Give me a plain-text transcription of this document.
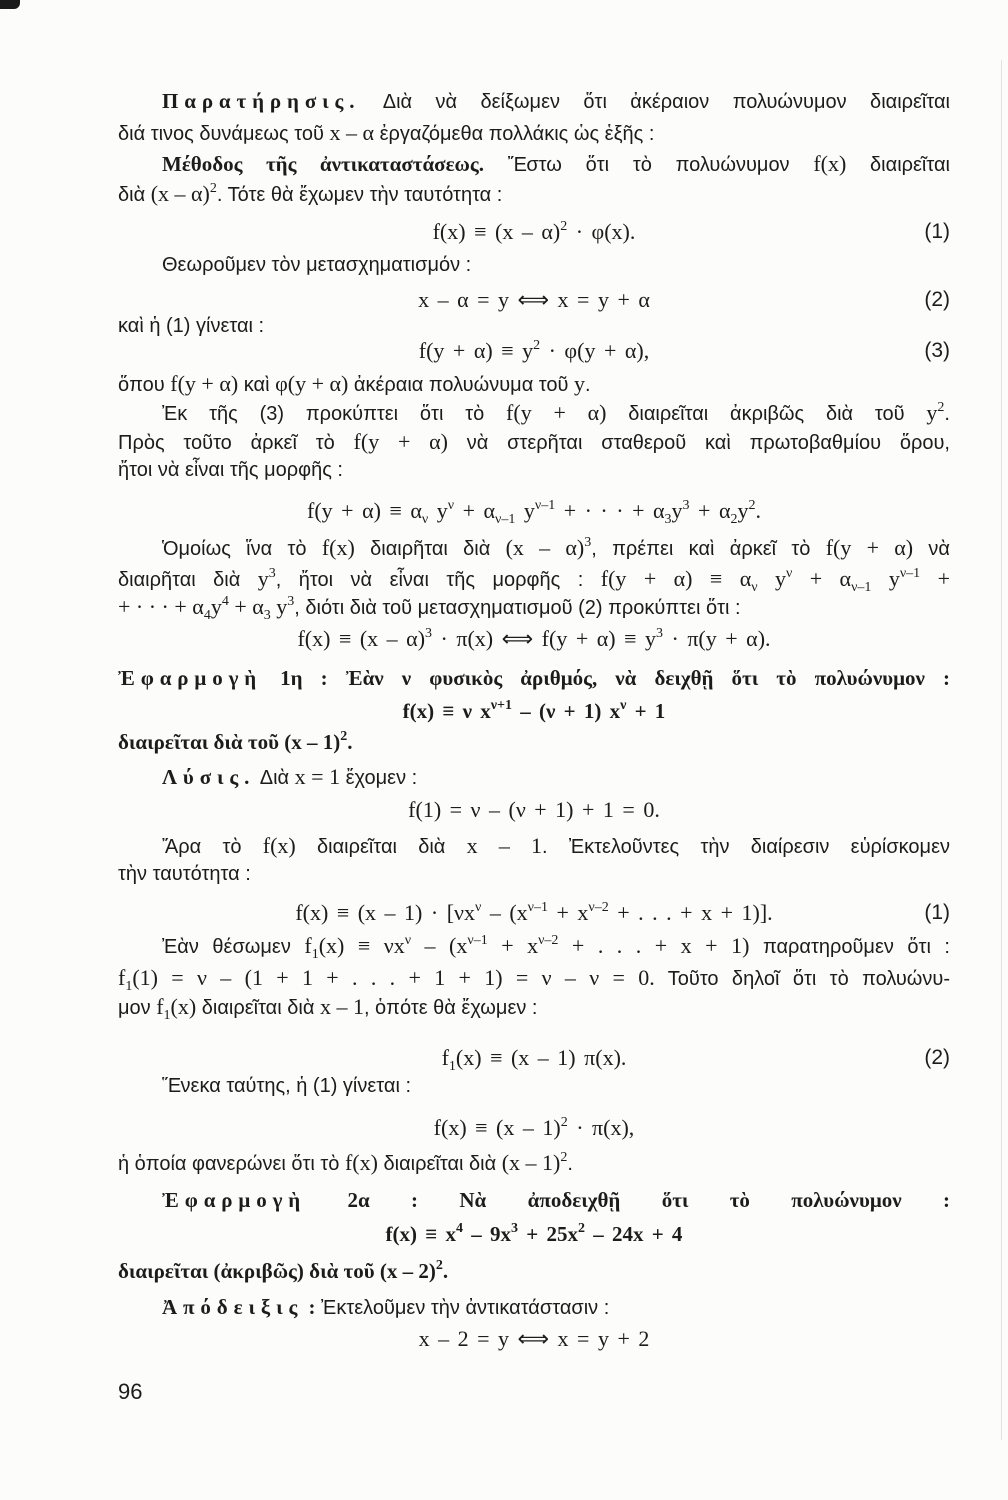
Παρατήρησις. Διὰ νὰ δείξωμεν ὅτι ἀκέραιον πολυώνυμον διαιρεῖται
διά τινος δυνάμεως τοῦ x – α ἐργαζόμεθα πολλάκις ὡς ἑξῆς :
Μέθοδος τῆς ἀντικαταστάσεως. Ἔστω ὅτι τὸ πολυώνυμον f(x) διαιρεῖται
διὰ (x – α)$^2$. Τότε θὰ ἔχωμεν τὴν ταυτότητα :
f(x) ≡ (x – α)$^2$ · φ(x).	(1)
Θεωροῦμεν τὸν μετασχηματισμόν :
x – α = y ⟺ x = y + α	(2)
καὶ ἡ (1) γίνεται :
$f(y + \alpha) \equiv y^2 \cdot \varphi(y + \alpha)$,	(3)
ὅπου f(y + α) καὶ φ(y + α) ἀκέραια πολυώνυμα τοῦ y.
Ἐκ τῆς (3) προκύπτει ὅτι τὸ f(y + α) διαιρεῖται ἀκριβῶς διὰ τοῦ $y^2$.
Πρὸς τοῦτο ἀρκεῖ τὸ f(y + α) νὰ στερῆται σταθεροῦ καὶ πρωτοβαθμίου ὅρου,
ἤτοι νὰ εἶναι τῆς μορφῆς :
$f(y + \alpha) \equiv \alpha_\nu$ $y^\nu + \alpha_{\nu-1}$ $y^{\nu-1}$ + · · · + $\alpha_3y^3 + \alpha_2y^2$.
Ὁμοίως ἵνα τὸ f(x) διαιρῆται διὰ (x – α)$^3$, πρέπει καὶ ἀρκεῖ τὸ f(y + α) νὰ
διαιρῆται διὰ $y^3$, ἤτοι νὰ εἶναι τῆς μορφῆς : $f(y + \alpha) \equiv \alpha_\nu$ $y^\nu + \alpha_{\nu-1}$ $y^{\nu-1}$ +
+ · · · + $\alpha_4y^4 + \alpha_3$ $y^3$, διότι διὰ τοῦ μετασχηματισμοῦ (2) προκύπτει ὅτι :
f(x) ≡ (x – α)$^3$ · π(x) ⟺ $f(y + \alpha) \equiv y^3 \cdot \pi(y + \alpha)$.
Ἐφαρμογὴ 1η : Ἐὰν ν φυσικὸς ἀριθμός, νὰ δειχθῇ ὅτι τὸ πολυώνυμον :
f(x) ≡ ν $x^{\nu+1} - (\nu + 1) x^\nu + 1$
διαιρεῖται διὰ τοῦ (x – 1)$^2$.
Λύσις. Διὰ x = 1 ἔχομεν :
f(1) = ν – (ν + 1) + 1 = 0.
Ἄρα τὸ f(x) διαιρεῖται διὰ x – 1. Ἐκτελοῦντες τὴν διαίρεσιν εὑρίσκομεν
τὴν ταυτότητα :
$f(x) \equiv (x - 1) \cdot [\nu x^\nu - (x^{\nu-1} + x^{\nu-2}$ + . . . + x + 1)].	(1)
Ἐὰν θέσωμεν $f_1(x) \equiv \nu x^\nu - (x^{\nu-1} + x^{\nu-2}$ + . . . + x + 1) παρατηροῦμεν ὅτι :
$f_1(1) = \nu - (1 + 1$ + . . . + 1 + 1) = ν – ν = 0. Τοῦτο δηλοῖ ὅτι τὸ πολυώνυ-
μον $f_1(x)$ διαιρεῖται διὰ x – 1, ὁπότε θὰ ἔχωμεν :
$f_1(x) \equiv (x - 1)$ π(x).	(2)
Ἕνεκα ταύτης, ἡ (1) γίνεται :
f(x) ≡ (x – 1)$^2$ · π(x),
ἡ ὁποία φανερώνει ὅτι τὸ f(x) διαιρεῖται διὰ (x – 1)$^2$.
Ἐφαρμογὴ 2α : Νὰ ἀποδειχθῇ ὅτι τὸ πολυώνυμον :
$f(x) \equiv x^4 - 9x^3 + 25x^2 - 24x + 4$
διαιρεῖται (ἀκριβῶς) διὰ τοῦ (x – 2)$^2$.
Ἀπόδειξις : Ἐκτελοῦμεν τὴν ἀντικατάστασιν :
x – 2 = y ⟺ x = y + 2
96
